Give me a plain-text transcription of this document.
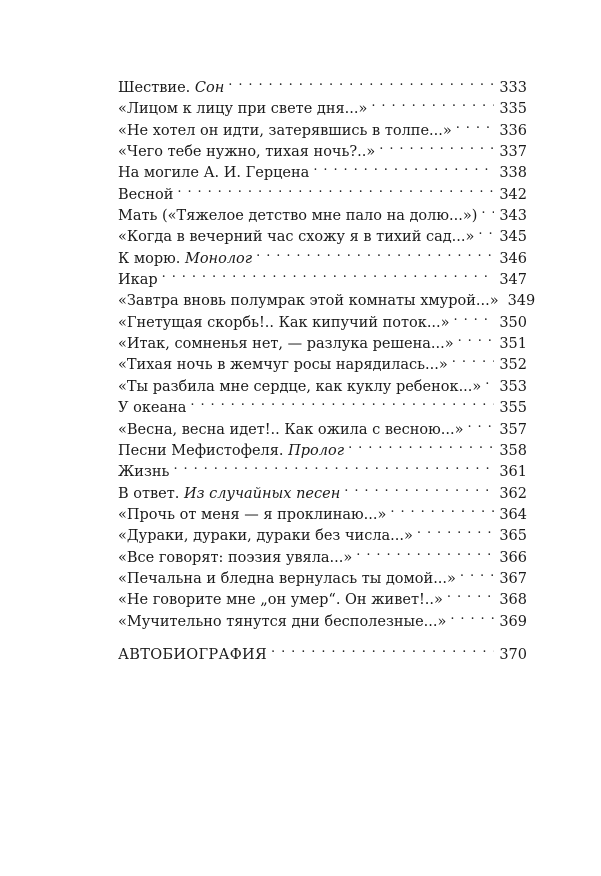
Шествие. Сон . . .	333
«Лицом к лицу при свете дня...» . . .	335
«Не хотел он идти, затерявшись в толпе...» . . .	336
«Чего тебе нужно, тихая ночь?..» . . .	337
На могиле А. И. Герцена . . .	338
Весной . . .	342
Мать («Тяжелое детство мне пало на долю...») . . .	343
«Когда в вечерний час схожу я в тихий сад...» . . .	345
К морю. Монолог . . .	346
Икар . . .	347
«Завтра вновь полумрак этой комнаты хмурой...» 349
«Гнетущая скорбь!.. Как кипучий поток...» . . .	350
«Итак, сомненья нет, — разлука решена...» . . .	351
«Тихая ночь в жемчуг росы нарядилась...» . . .	352
«Ты разбила мне сердце, как куклу ребенок...» . . .	353
У океана . . .	355
«Весна, весна идет!.. Как ожила с весною...» . . .	357
Песни Мефистофеля. Пролог . . .	358
Жизнь . . .	361
В ответ. Из случайных песен . . .	362
«Прочь от меня — я проклинаю...» . . .	364
«Дураки, дураки, дураки без числа...» . . .	365
«Все говорят: поэзия увяла...» . . .	366
«Печальна и бледна вернулась ты домой...» . . .	367
«Не говорите мне „он умер“. Он живет!..» . . .	368
«Мучительно тянутся дни бесполезные...» . . .	369
АВТОБИОГРАФИЯ . . .	370
